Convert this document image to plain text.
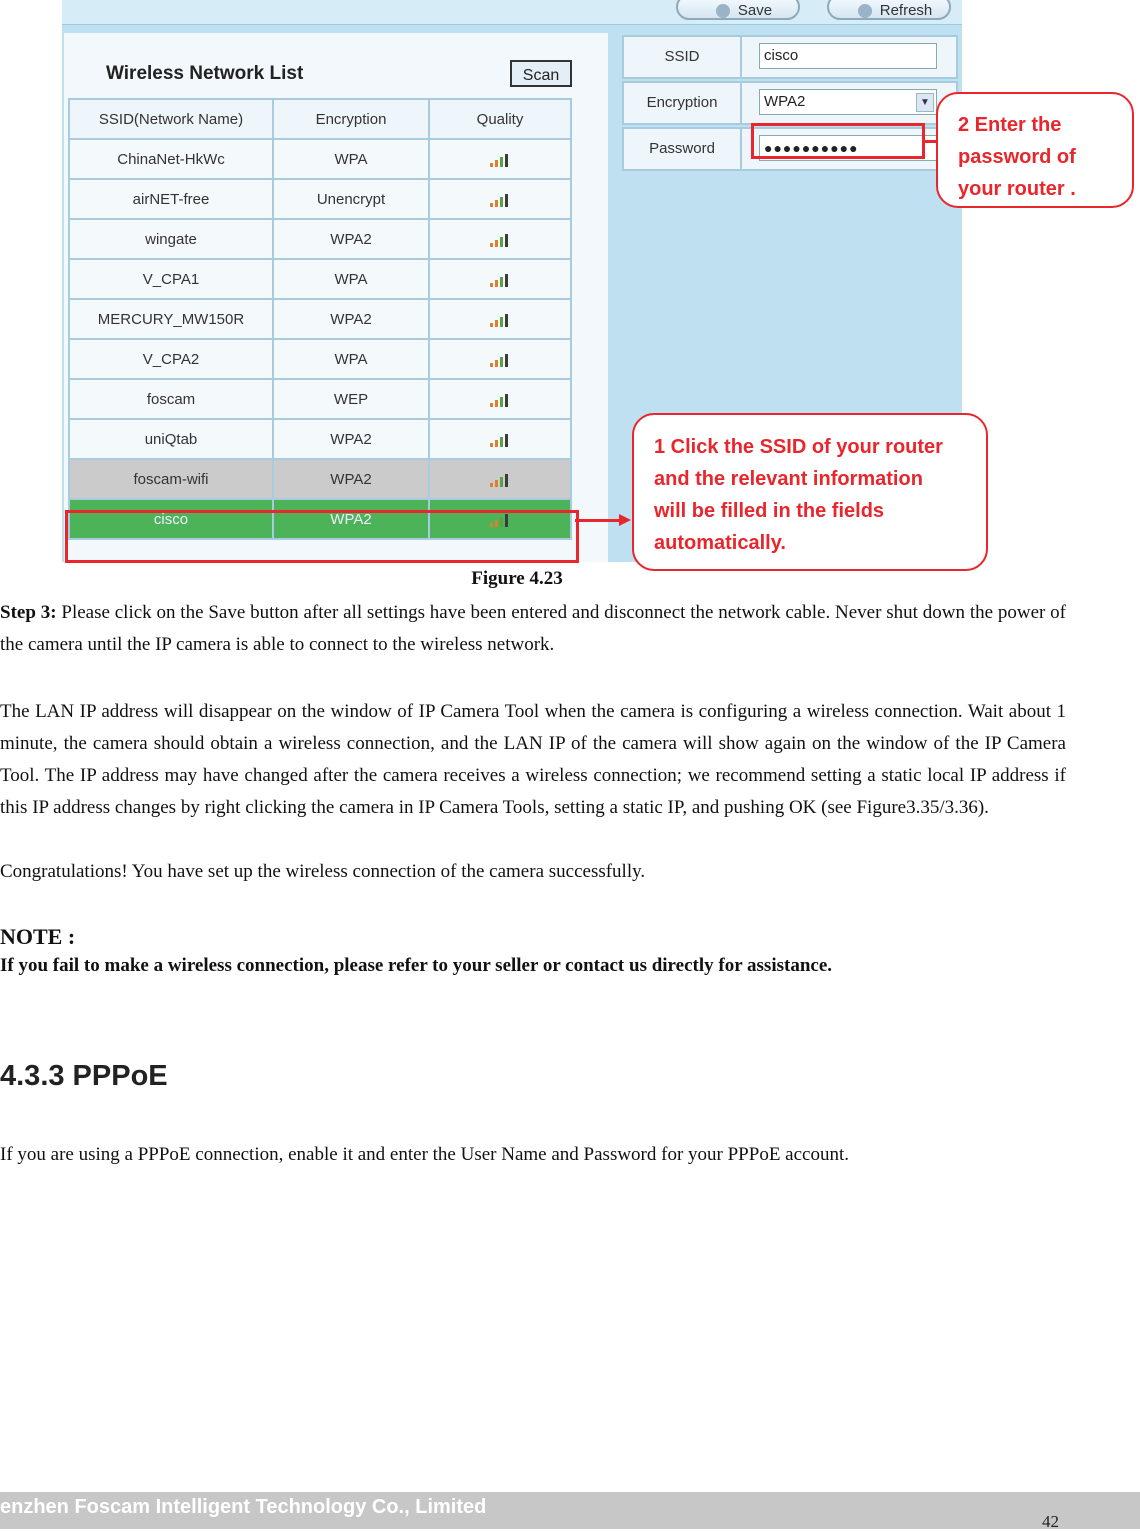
Save	Refresh
Wireless Network List	Scan
SSID(Network Name)	Encryption	Quality
ChinaNet-HkWc	WPA	

airNET-free	Unencrypt	

wingate	WPA2	

V_CPA1	WPA	

MERCURY_MW150R	WPA2	

V_CPA2	WPA	

foscam	WEP	

uniQtab	WPA2	

foscam-wifi	WPA2	

cisco	WPA2	
SSID	cisco
Encryption	WPA2	▼
Password	●●●●●●●●●●
2 Enter the
password of
your router .
1 Click the SSID of your router
and the relevant information
will be filled in the fields
automatically.
Figure 4.23
Step 3: Please click on the Save button after all settings have been entered and disconnect the network cable. Never shut down the power of the camera until the IP camera is able to connect to the wireless network.
The LAN IP address will disappear on the window of IP Camera Tool when the camera is configuring a wireless connection. Wait about 1 minute, the camera should obtain a wireless connection, and the LAN IP of the camera will show again on the window of the IP Camera Tool. The IP address may have changed after the camera receives a wireless connection; we recommend setting a static local IP address if this IP address changes by right clicking the camera in IP Camera Tools, setting a static IP, and pushing OK (see Figure3.35/3.36).
Congratulations! You have set up the wireless connection of the camera successfully.
NOTE :
If you fail to make a wireless connection, please refer to your seller or contact us directly for assistance.
4.3.3 PPPoE
If you are using a PPPoE connection, enable it and enter the User Name and Password for your PPPoE account.
enzhen Foscam Intelligent Technology Co., Limited
42
